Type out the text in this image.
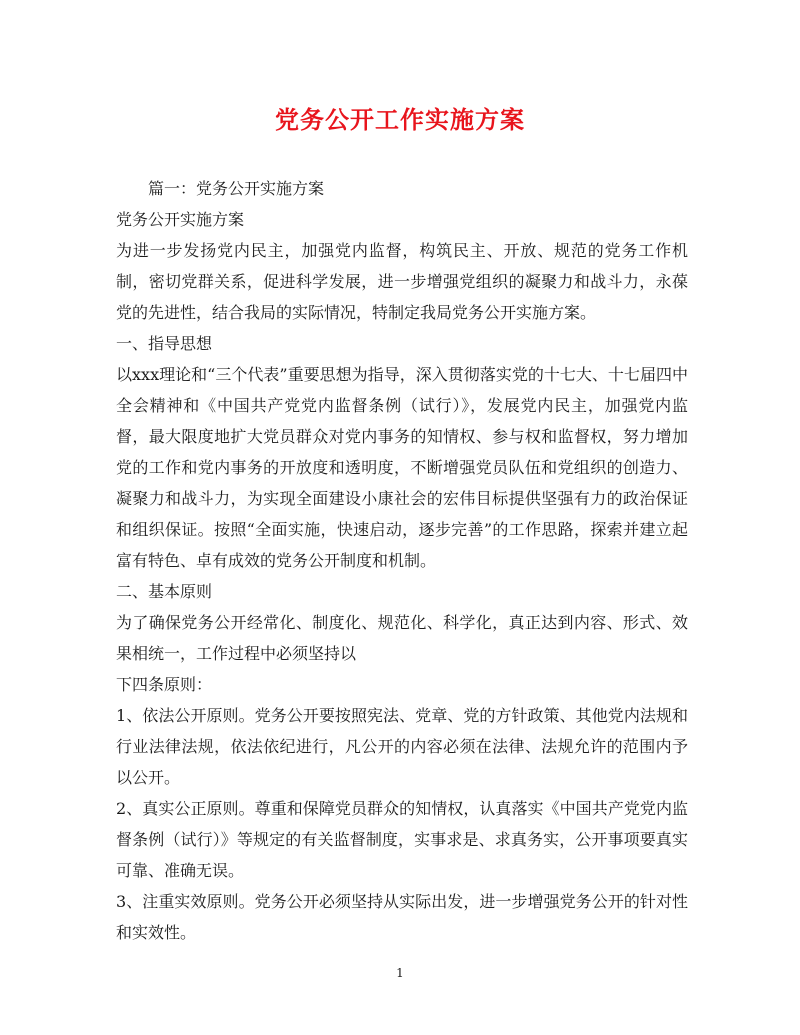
党务公开工作实施方案

篇一：党务公开实施方案

党务公开实施方案

为进一步发扬党内民主，加强党内监督，构筑民主、开放、规范的党务工作机制，密切党群关系，促进科学发展，进一步增强党组织的凝聚力和战斗力，永葆党的先进性，结合我局的实际情况，特制定我局党务公开实施方案。

一、指导思想

以xxx理论和“三个代表”重要思想为指导，深入贯彻落实党的十七大、十七届四中全会精神和《中国共产党党内监督条例（试行）》，发展党内民主，加强党内监督，最大限度地扩大党员群众对党内事务的知情权、参与权和监督权，努力增加党的工作和党内事务的开放度和透明度，不断增强党员队伍和党组织的创造力、凝聚力和战斗力，为实现全面建设小康社会的宏伟目标提供坚强有力的政治保证和组织保证。按照“全面实施，快速启动，逐步完善”的工作思路，探索并建立起富有特色、卓有成效的党务公开制度和机制。

二、基本原则

为了确保党务公开经常化、制度化、规范化、科学化，真正达到内容、形式、效果相统一，工作过程中必须坚持以

下四条原则：

1、依法公开原则。党务公开要按照宪法、党章、党的方针政策、其他党内法规和行业法律法规，依法依纪进行，凡公开的内容必须在法律、法规允许的范围内予以公开。

2、真实公正原则。尊重和保障党员群众的知情权，认真落实《中国共产党党内监督条例（试行）》等规定的有关监督制度，实事求是、求真务实，公开事项要真实可靠、准确无误。

3、注重实效原则。党务公开必须坚持从实际出发，进一步增强党务公开的针对性和实效性。

1
